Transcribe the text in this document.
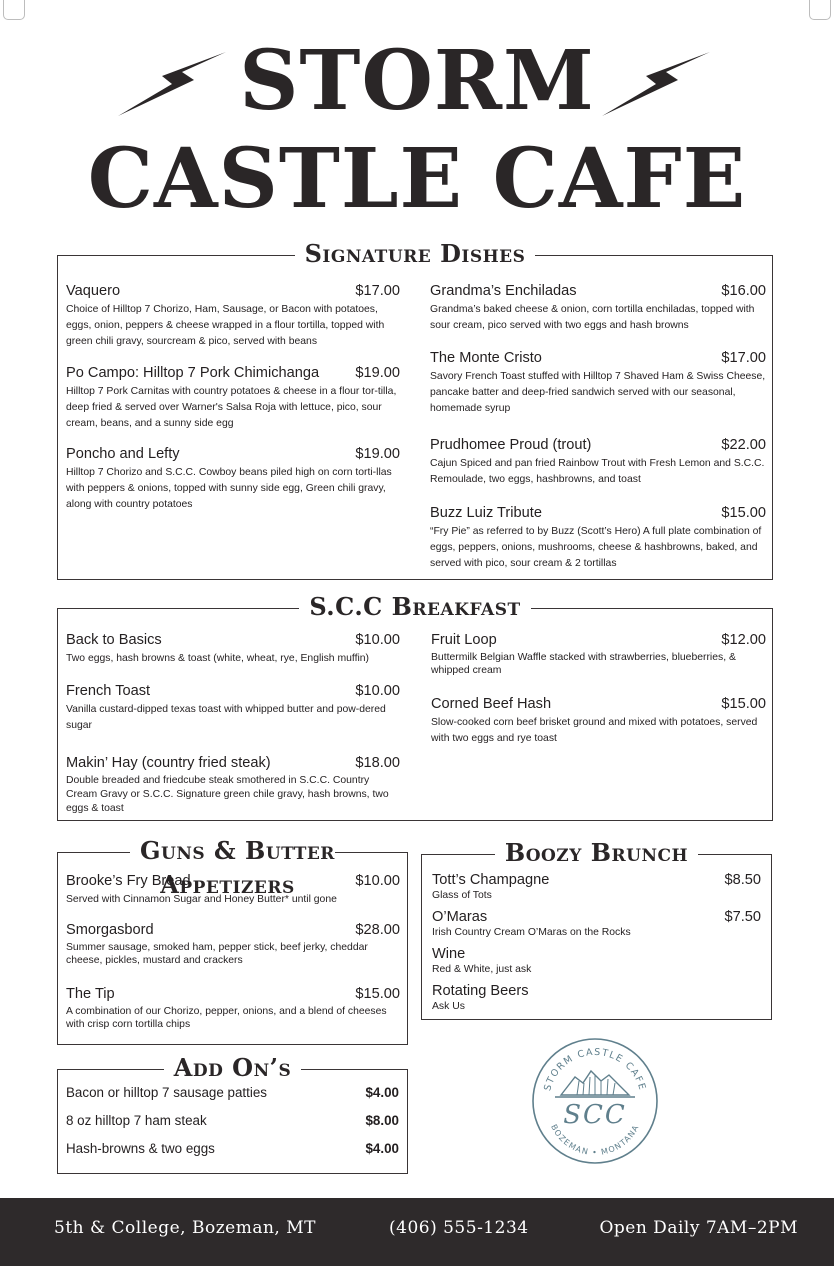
STORM
CASTLE CAFE
Signature Dishes
Vaquero	$17.00
Choice of Hilltop 7 Chorizo, Ham, Sausage, or Bacon with potatoes, eggs, onion, peppers & cheese wrapped in a flour tortilla, topped with green chili gravy, sourcream & pico, served with beans
Po Campo: Hilltop 7 Pork Chimichanga $19.00
Hilltop 7 Pork Carnitas with country potatoes & cheese in a flour tor-tilla, deep fried & served over Warner's Salsa Roja with lettuce, pico, sour cream, beans, and a sunny side egg
Poncho and Lefty	$19.00
Hilltop 7 Chorizo and S.C.C. Cowboy beans piled high on corn torti-llas with peppers & onions, topped with sunny side egg, Green chili gravy, along with country potatoes
Grandma’s Enchiladas	$16.00
Grandma’s baked cheese & onion, corn tortilla enchiladas, topped with sour cream, pico served with two eggs and hash browns
The Monte Cristo	$17.00
Savory French Toast stuffed with Hilltop 7 Shaved Ham & Swiss Cheese, pancake batter and deep-fried sandwich served with our seasonal, homemade syrup
Prudhomee Proud (trout)	$22.00
Cajun Spiced and pan fried Rainbow Trout with Fresh Lemon and S.C.C. Remoulade, two eggs, hashbrowns, and toast
Buzz Luiz Tribute	$15.00
“Fry Pie” as referred to by Buzz (Scott’s Hero) A full plate combination of eggs, peppers, onions, mushrooms, cheese & hashbrowns, baked, and served with pico, sour cream & 2 tortillas
S.C.C Breakfast
Back to Basics	$10.00
Two eggs, hash browns & toast (white, wheat, rye, English muffin)
French Toast	$10.00
Vanilla custard-dipped texas toast with whipped butter and pow-dered sugar
Makin’ Hay (country fried steak)	$18.00
Double breaded and friedcube steak smothered in S.C.C. Country Cream Gravy or S.C.C. Signature green chile gravy, hash browns, two eggs & toast
Fruit Loop	$12.00
Buttermilk Belgian Waffle stacked with strawberries, blueberries, & whipped cream
Corned Beef Hash	$15.00
Slow-cooked corn beef brisket ground and mixed with potatoes, served with two eggs and rye toast
Guns & Butter Appetizers
Brooke’s Fry Bread	$10.00
Served with Cinnamon Sugar and Honey Butter* until gone
Smorgasbord	$28.00
Summer sausage, smoked ham, pepper stick, beef jerky, cheddar cheese, pickles, mustard and crackers
The Tip	$15.00
A combination of our Chorizo, pepper, onions, and a blend of cheeses with crisp corn tortilla chips
Boozy Brunch
Tott’s Champagne	$8.50
Glass of Tots
O’Maras	$7.50
Irish Country Cream O’Maras on the Rocks
Wine
Red & White, just ask
Rotating Beers
Ask Us
Add On’s
Bacon or hilltop 7 sausage patties	$4.00
8 oz hilltop 7 ham steak	$8.00
Hash-browns & two eggs	$4.00
STORM CASTLE CAFE
BOZEMAN • MONTANA
SCC
5th & College, Bozeman, MT	(406) 555-1234	Open Daily 7AM–2PM
